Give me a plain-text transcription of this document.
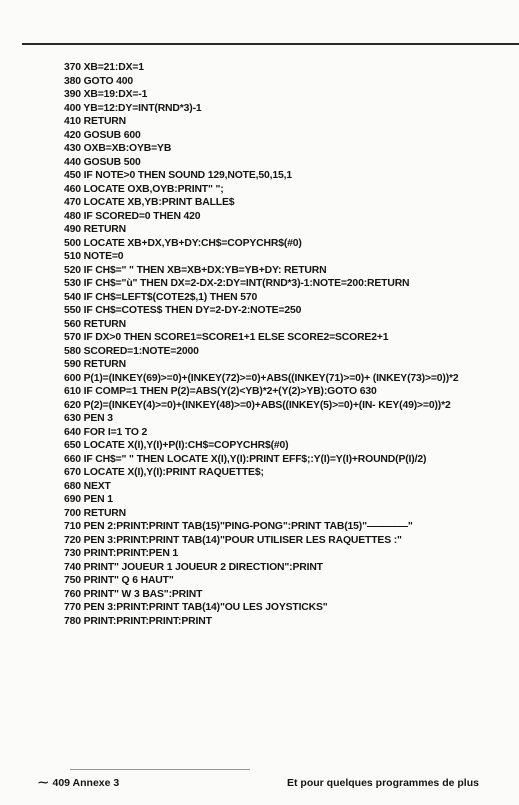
370 XB=21:DX=1
380 GOTO 400
390 XB=19:DX=-1
400 YB=12:DY=INT(RND*3)-1
410 RETURN
420 GOSUB 600
430 OXB=XB:OYB=YB
440 GOSUB 500
450 IF NOTE>0 THEN SOUND 129,NOTE,50,15,1
460 LOCATE OXB,OYB:PRINT" ";
470 LOCATE XB,YB:PRINT BALLE$
480 IF SCORED=0 THEN 420
490 RETURN
500 LOCATE XB+DX,YB+DY:CH$=COPYCHR$(#0)
510 NOTE=0
520 IF CH$=" " THEN XB=XB+DX:YB=YB+DY: RETURN
530 IF CH$="ù" THEN DX=2-DX-2:DY=INT(RND*3)-1:NOTE=200:RETURN
540 IF CH$=LEFT$(COTE2$,1) THEN 570
550 IF CH$=COTES$ THEN DY=2-DY-2:NOTE=250
560 RETURN
570 IF DX>0 THEN SCORE1=SCORE1+1 ELSE SCORE2=SCORE2+1
580 SCORED=1:NOTE=2000
590 RETURN
600 P(1)=(INKEY(69)>=0)+(INKEY(72)>=0)+ABS((INKEY(71)>=0)+ (INKEY(73)>=0))*2
610 IF COMP=1 THEN P(2)=ABS(Y(2)<YB)*2+(Y(2)>YB):GOTO 630
620 P(2)=(INKEY(4)>=0)+(INKEY(48)>=0)+ABS((INKEY(5)>=0)+(IN- KEY(49)>=0))*2
630 PEN 3
640 FOR I=1 TO 2
650 LOCATE X(I),Y(I)+P(I):CH$=COPYCHR$(#0)
660 IF CH$=" " THEN LOCATE X(I),Y(I):PRINT EFF$;:Y(I)=Y(I)+ROUND(P(I)/2)
670 LOCATE X(I),Y(I):PRINT RAQUETTE$;
680 NEXT
690 PEN 1
700 RETURN
710 PEN 2:PRINT:PRINT TAB(15)"PING-PONG":PRINT TAB(15)"————"
720 PEN 3:PRINT:PRINT TAB(14)"POUR UTILISER LES RAQUETTES :"
730 PRINT:PRINT:PEN 1
740 PRINT" JOUEUR 1 JOUEUR 2 DIRECTION":PRINT
750 PRINT" Q 6 HAUT"
760 PRINT" W 3 BAS":PRINT
770 PEN 3:PRINT:PRINT TAB(14)"OU LES JOYSTICKS"
780 PRINT:PRINT:PRINT:PRINT
⁓ 409 Annexe 3	Et pour quelques programmes de plus
